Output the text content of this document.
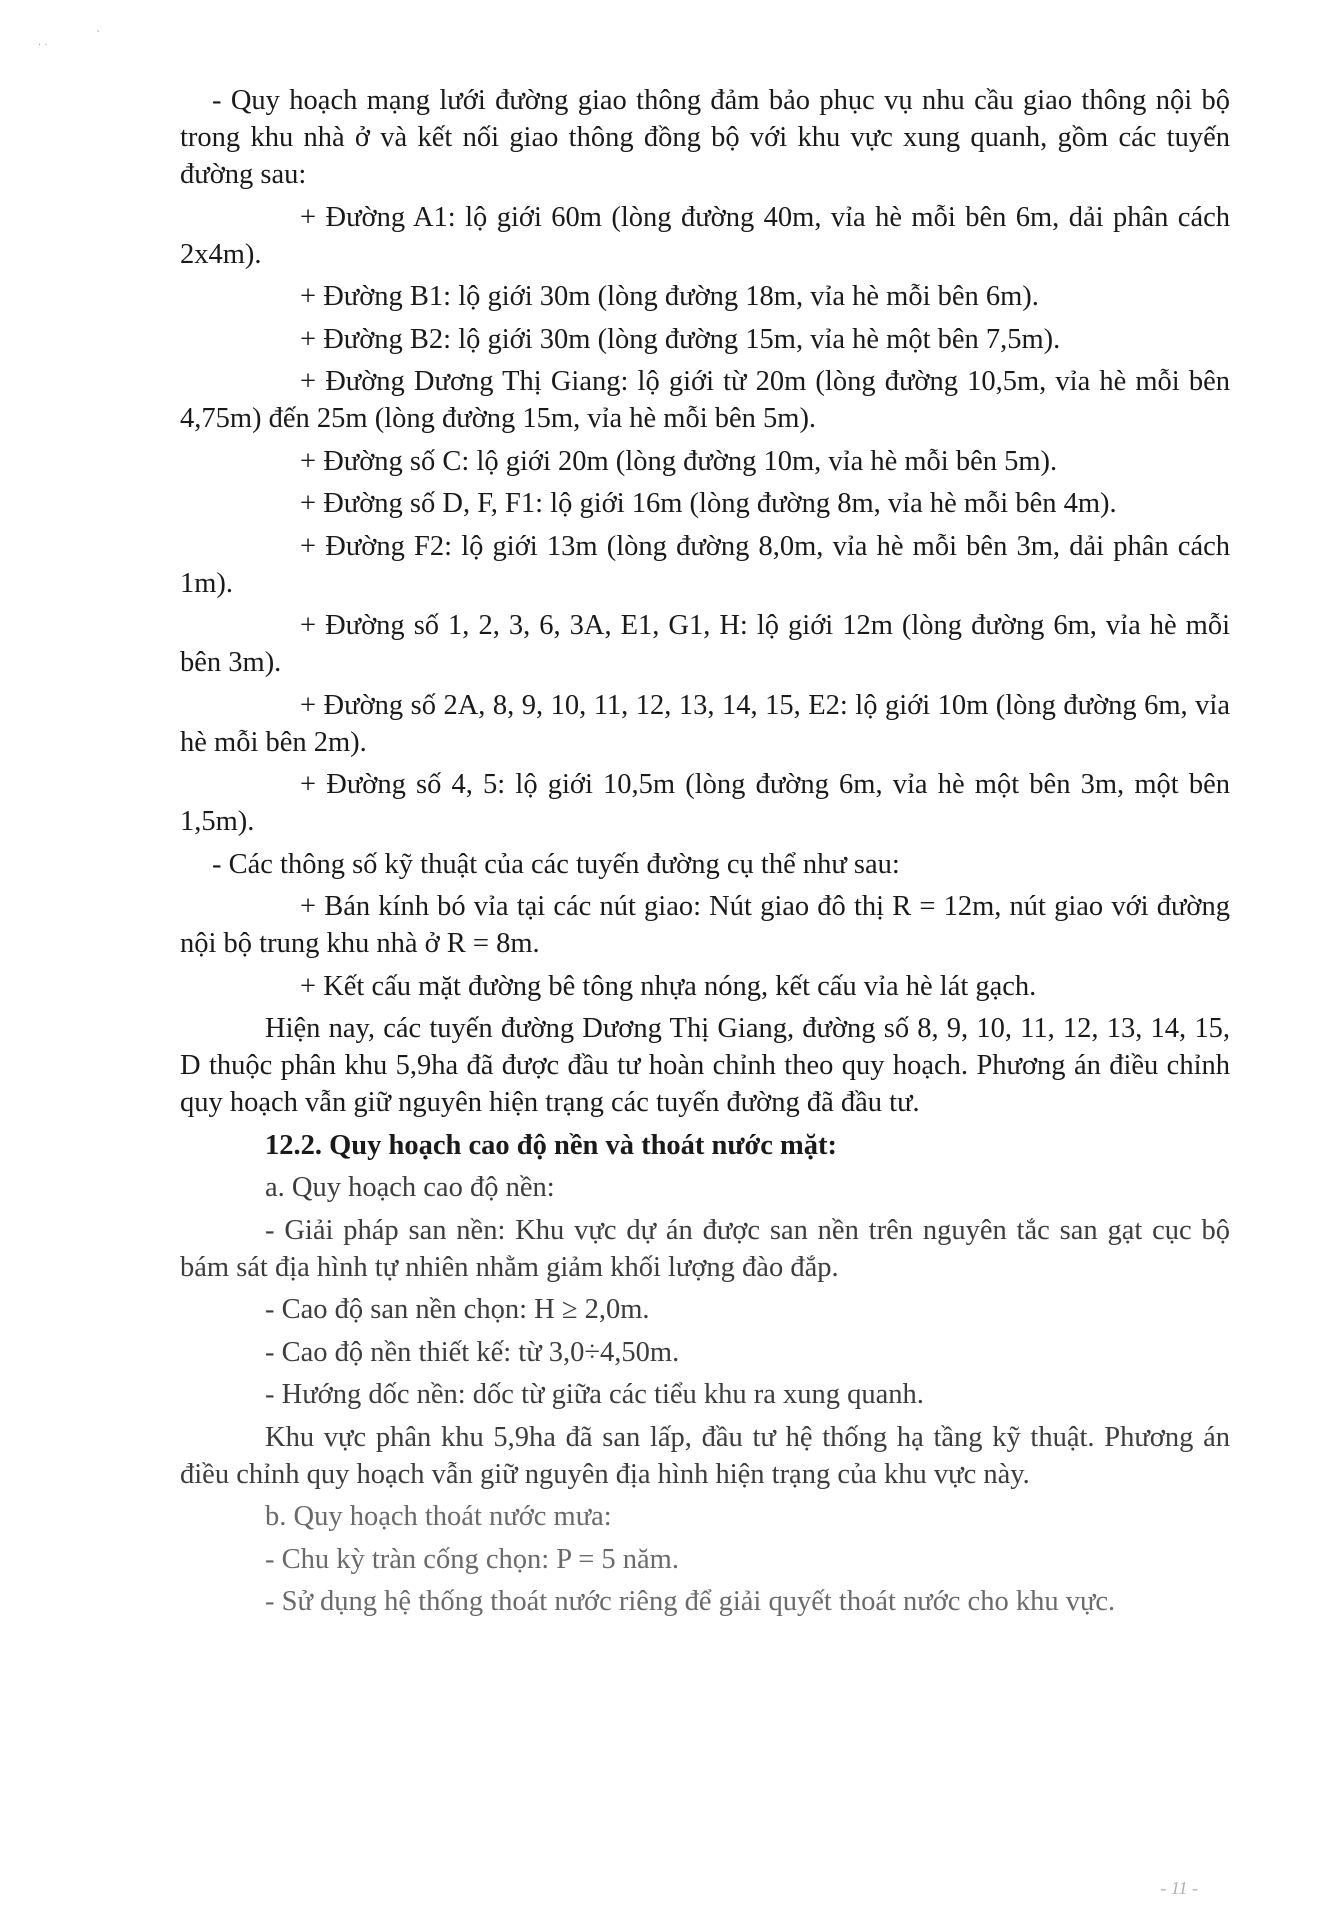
· ·
`

- Quy hoạch mạng lưới đường giao thông đảm bảo phục vụ nhu cầu giao thông nội bộ trong khu nhà ở và kết nối giao thông đồng bộ với khu vực xung quanh, gồm các tuyến đường sau:

+ Đường A1: lộ giới 60m (lòng đường 40m, vỉa hè mỗi bên 6m, dải phân cách 2x4m).

+ Đường B1: lộ giới 30m (lòng đường 18m, vỉa hè mỗi bên 6m).

+ Đường B2: lộ giới 30m (lòng đường 15m, vỉa hè một bên 7,5m).

+ Đường Dương Thị Giang: lộ giới từ 20m (lòng đường 10,5m, vỉa hè mỗi bên 4,75m) đến 25m (lòng đường 15m, vỉa hè mỗi bên 5m).

+ Đường số C: lộ giới 20m (lòng đường 10m, vỉa hè mỗi bên 5m).

+ Đường số D, F, F1: lộ giới 16m (lòng đường 8m, vỉa hè mỗi bên 4m).

+ Đường F2: lộ giới 13m (lòng đường 8,0m, vỉa hè mỗi bên 3m, dải phân cách 1m).

+ Đường số 1, 2, 3, 6, 3A, E1, G1, H: lộ giới 12m (lòng đường 6m, vỉa hè mỗi bên 3m).

+ Đường số 2A, 8, 9, 10, 11, 12, 13, 14, 15, E2: lộ giới 10m (lòng đường 6m, vỉa hè mỗi bên 2m).

+ Đường số 4, 5: lộ giới 10,5m (lòng đường 6m, vỉa hè một bên 3m, một bên 1,5m).

- Các thông số kỹ thuật của các tuyến đường cụ thể như sau:

+ Bán kính bó vỉa tại các nút giao: Nút giao đô thị R = 12m, nút giao với đường nội bộ trung khu nhà ở R = 8m.

+ Kết cấu mặt đường bê tông nhựa nóng, kết cấu vỉa hè lát gạch.

Hiện nay, các tuyến đường Dương Thị Giang, đường số 8, 9, 10, 11, 12, 13, 14, 15, D thuộc phân khu 5,9ha đã được đầu tư hoàn chỉnh theo quy hoạch. Phương án điều chỉnh quy hoạch vẫn giữ nguyên hiện trạng các tuyến đường đã đầu tư.

12.2. Quy hoạch cao độ nền và thoát nước mặt:

a. Quy hoạch cao độ nền:

- Giải pháp san nền: Khu vực dự án được san nền trên nguyên tắc san gạt cục bộ bám sát địa hình tự nhiên nhằm giảm khối lượng đào đắp.

- Cao độ san nền chọn: H ≥ 2,0m.

- Cao độ nền thiết kế: từ 3,0÷4,50m.

- Hướng dốc nền: dốc từ giữa các tiểu khu ra xung quanh.

Khu vực phân khu 5,9ha đã san lấp, đầu tư hệ thống hạ tầng kỹ thuật. Phương án điều chỉnh quy hoạch vẫn giữ nguyên địa hình hiện trạng của khu vực này.

b. Quy hoạch thoát nước mưa:

- Chu kỳ tràn cống chọn: P = 5 năm.

- Sử dụng hệ thống thoát nước riêng để giải quyết thoát nước cho khu vực.

- 11 -
